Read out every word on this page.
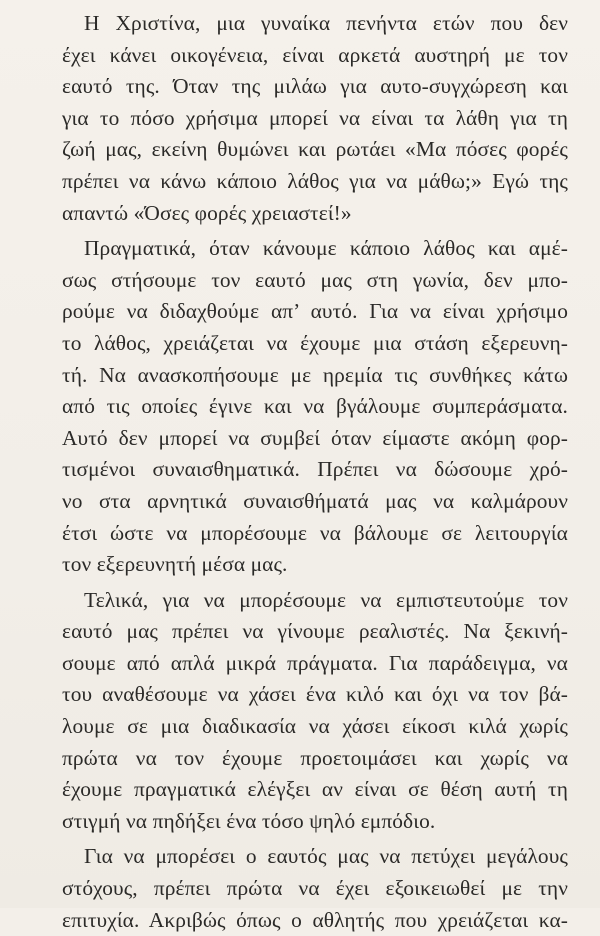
Η Χριστίνα, μια γυναίκα πενήντα ετών που δεν
έχει κάνει οικογένεια, είναι αρκετά αυστηρή με τον
εαυτό της. Όταν της μιλάω για αυτο-συγχώρεση και
για το πόσο χρήσιμα μπορεί να είναι τα λάθη για τη
ζωή μας, εκείνη θυμώνει και ρωτάει «Μα πόσες φορές
πρέπει να κάνω κάποιο λάθος για να μάθω;» Εγώ της
απαντώ «Όσες φορές χρειαστεί!»
Πραγματικά, όταν κάνουμε κάποιο λάθος και αμέ-
σως στήσουμε τον εαυτό μας στη γωνία, δεν μπο-
ρούμε να διδαχθούμε απ’ αυτό. Για να είναι χρήσιμο
το λάθος, χρειάζεται να έχουμε μια στάση εξερευνη-
τή. Να ανασκοπήσουμε με ηρεμία τις συνθήκες κάτω
από τις οποίες έγινε και να βγάλουμε συμπεράσματα.
Αυτό δεν μπορεί να συμβεί όταν είμαστε ακόμη φορ-
τισμένοι συναισθηματικά. Πρέπει να δώσουμε χρό-
νο στα αρνητικά συναισθήματά μας να καλμάρουν
έτσι ώστε να μπορέσουμε να βάλουμε σε λειτουργία
τον εξερευνητή μέσα μας.
Τελικά, για να μπορέσουμε να εμπιστευτούμε τον
εαυτό μας πρέπει να γίνουμε ρεαλιστές. Να ξεκινή-
σουμε από απλά μικρά πράγματα. Για παράδειγμα, να
του αναθέσουμε να χάσει ένα κιλό και όχι να τον βά-
λουμε σε μια διαδικασία να χάσει είκοσι κιλά χωρίς
πρώτα να τον έχουμε προετοιμάσει και χωρίς να
έχουμε πραγματικά ελέγξει αν είναι σε θέση αυτή τη
στιγμή να πηδήξει ένα τόσο ψηλό εμπόδιο.
Για να μπορέσει ο εαυτός μας να πετύχει μεγάλους
στόχους, πρέπει πρώτα να έχει εξοικειωθεί με την
επιτυχία. Ακριβώς όπως ο αθλητής που χρειάζεται κα-
